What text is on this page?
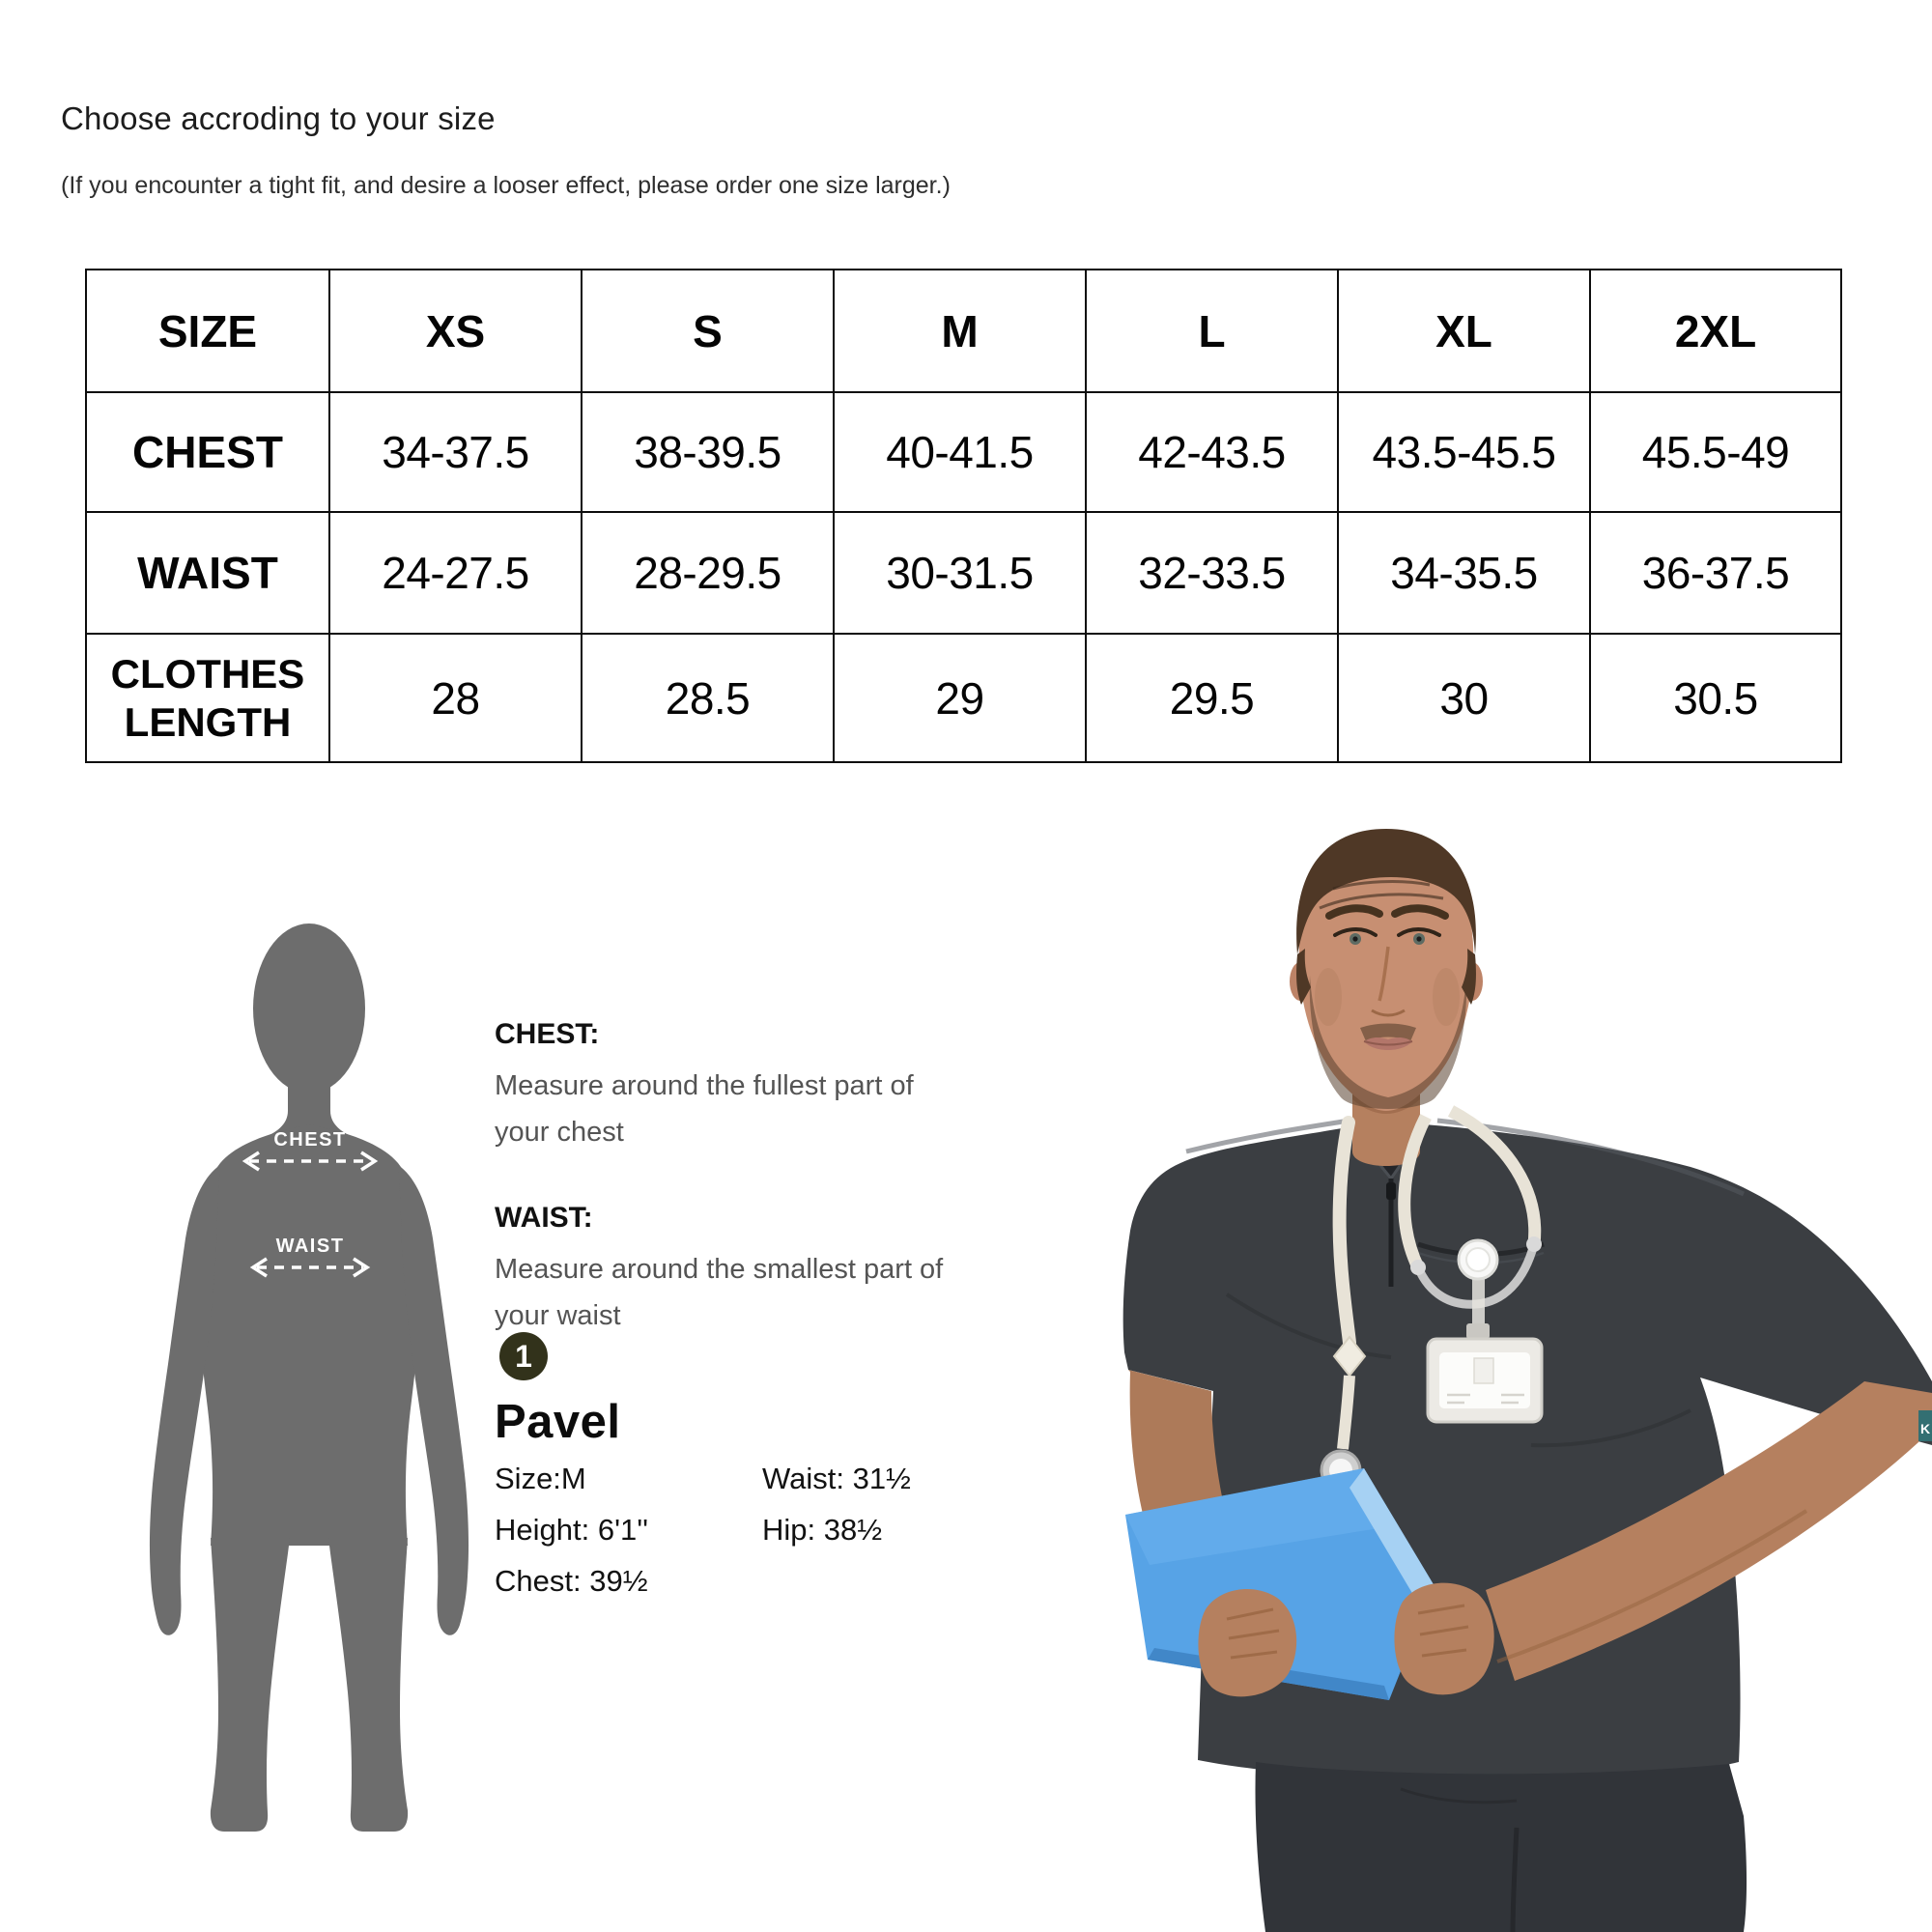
Choose accroding to your size
(If you encounter a tight fit, and desire a looser effect, please order one size larger.)
SIZE	XS	S	M	L	XL	2XL
CHEST	34-37.5	38-39.5	40-41.5	42-43.5	43.5-45.5	45.5-49
WAIST	24-27.5	28-29.5	30-31.5	32-33.5	34-35.5	36-37.5
CLOTHES LENGTH	28	28.5	29	29.5	30	30.5
CHEST
WAIST
CHEST:
Measure around the fullest part of your chest
WAIST:
Measure around the smallest part of your waist
1
Pavel
Size:M	Waist: 31½
Height: 6'1''	Hip: 38½
Chest: 39½
K
